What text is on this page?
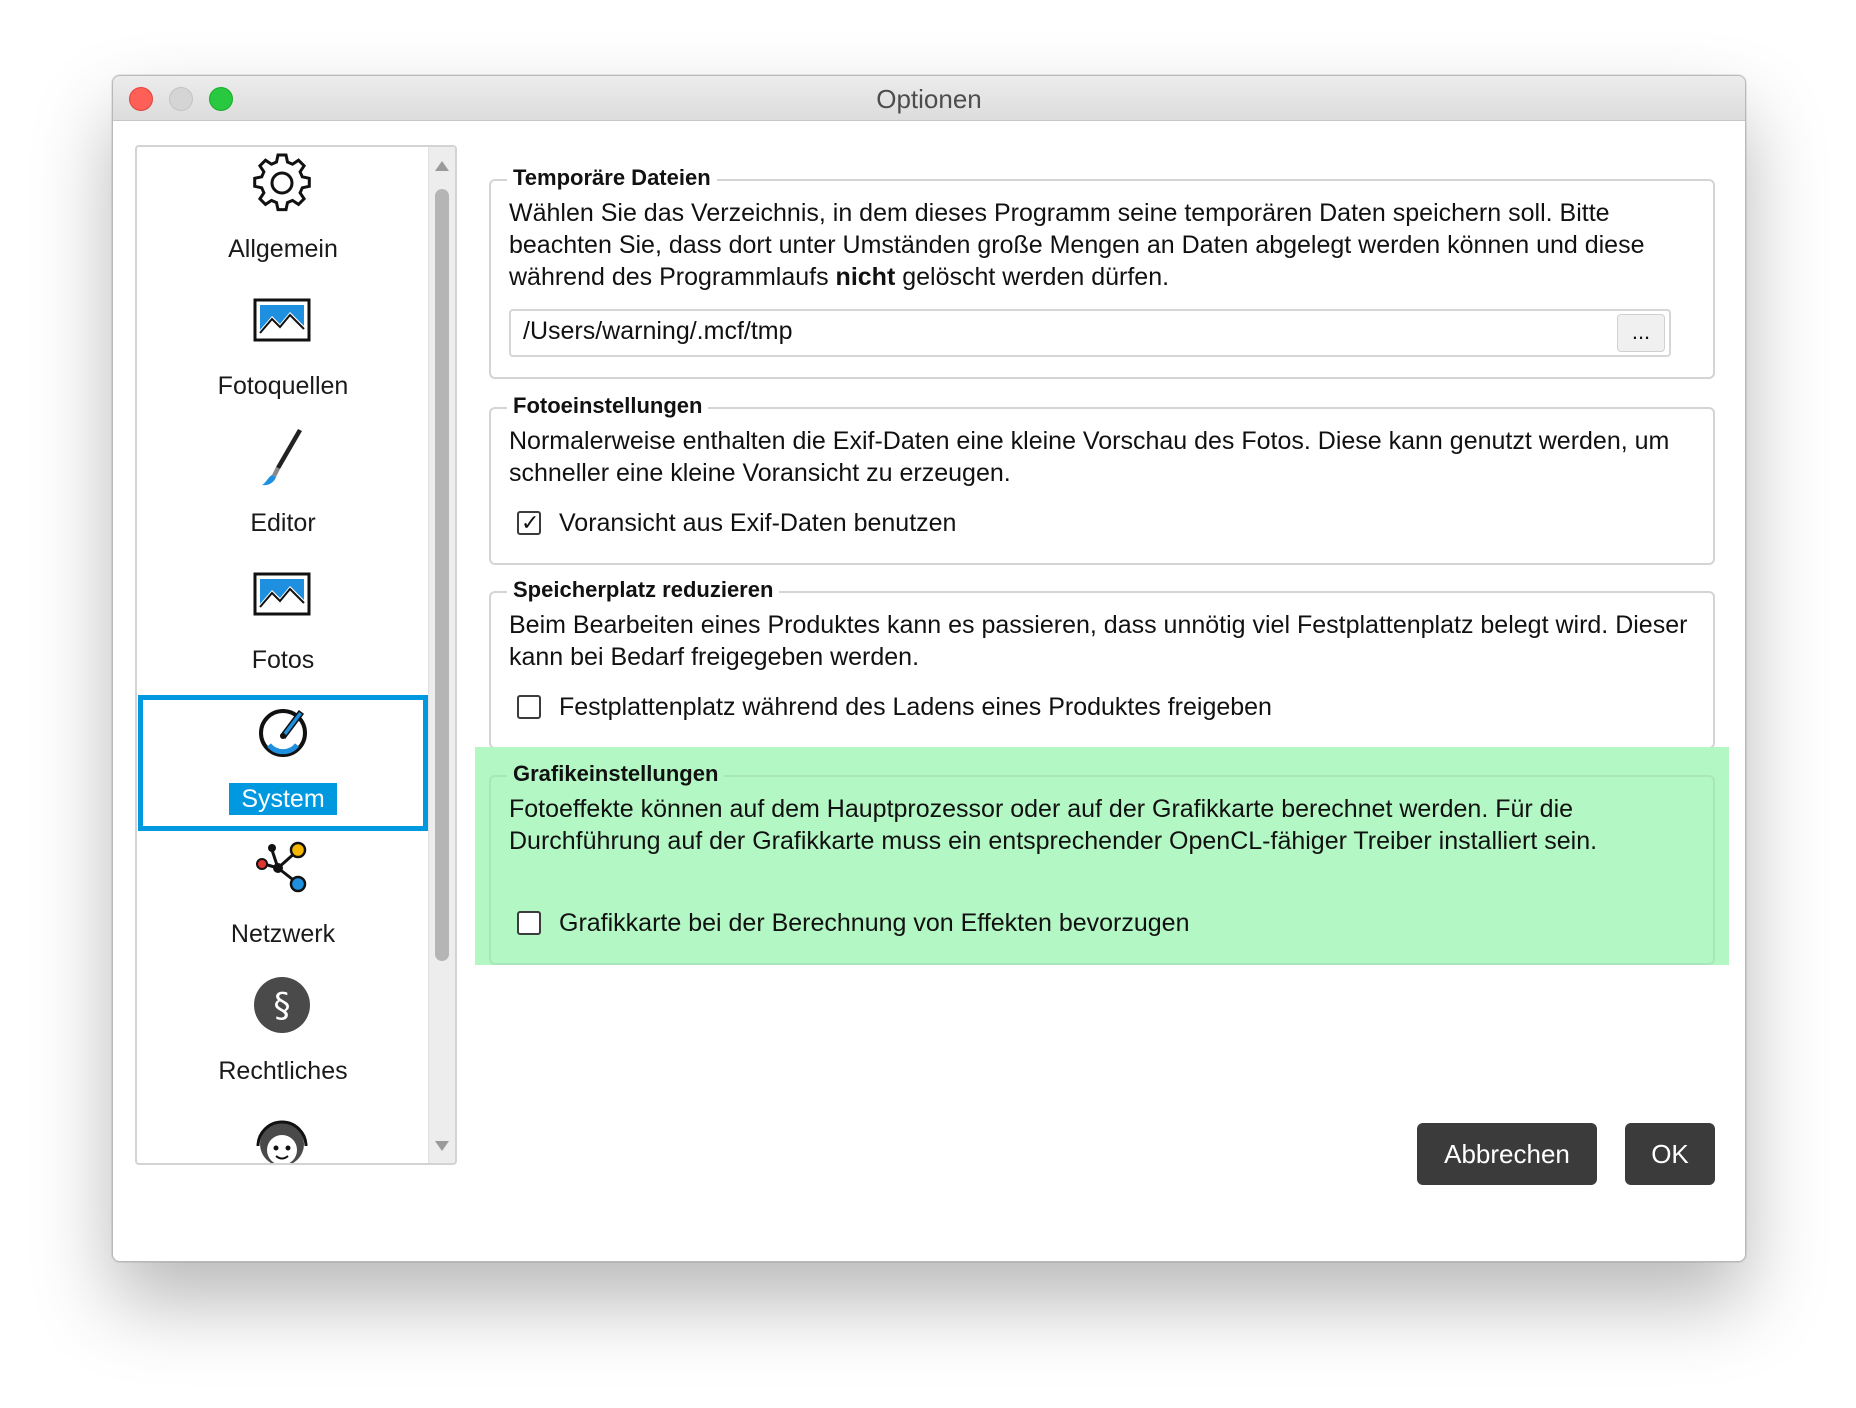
Optionen
Allgemein
Fotoquellen
Editor
Fotos
System
Netzwerk
§
Rechtliches
Temporäre Dateien
Wählen Sie das Verzeichnis, in dem dieses Programm seine temporären Daten speichern soll. Bitte beachten Sie, dass dort unter Umständen große Mengen an Daten abgelegt werden können und diese während des Programmlaufs nicht gelöscht werden dürfen.
/Users/warning/.mcf/tmp	...
Fotoeinstellungen
Normalerweise enthalten die Exif-Daten eine kleine Vorschau des Fotos. Diese kann genutzt werden, um schneller eine kleine Voransicht zu erzeugen.
✓ Voransicht aus Exif-Daten benutzen
Speicherplatz reduzieren
Beim Bearbeiten eines Produktes kann es passieren, dass unnötig viel Festplattenplatz belegt wird. Dieser kann bei Bedarf freigegeben werden.
Festplattenplatz während des Ladens eines Produktes freigeben
Grafikeinstellungen
Fotoeffekte können auf dem Hauptprozessor oder auf der Grafikkarte berechnet werden. Für die Durchführung auf der Grafikkarte muss ein entsprechender OpenCL-fähiger Treiber installiert sein.
Grafikkarte bei der Berechnung von Effekten bevorzugen
Abbrechen	OK
